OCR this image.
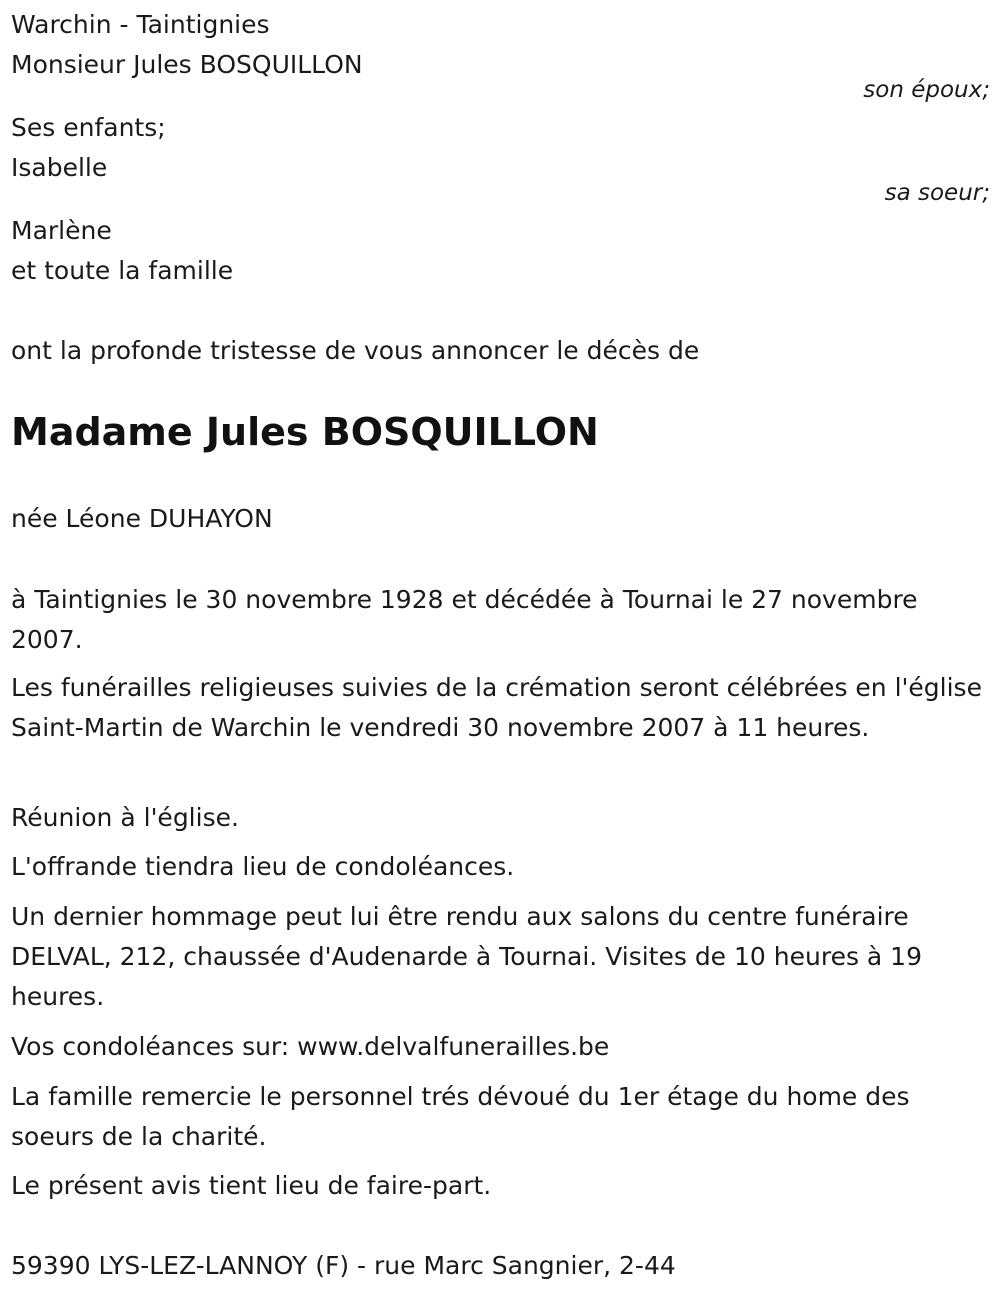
Warchin - Taintignies
Monsieur Jules BOSQUILLON
son époux;
Ses enfants;
Isabelle
sa soeur;
Marlène
et toute la famille
ont la profonde tristesse de vous annoncer le décès de
Madame Jules BOSQUILLON
née Léone DUHAYON

à Taintignies le 30 novembre 1928 et décédée à Tournai le 27 novembre 2007.

Les funérailles religieuses suivies de la crémation seront célébrées en l'église Saint-Martin de Warchin le vendredi 30 novembre 2007 à 11 heures.

Réunion à l'église.

L'offrande tiendra lieu de condoléances.

Un dernier hommage peut lui être rendu aux salons du centre funéraire DELVAL, 212, chaussée d'Audenarde à Tournai. Visites de 10 heures à 19 heures.

Vos condoléances sur: www.delvalfunerailles.be

La famille remercie le personnel trés dévoué du 1er étage du home des soeurs de la charité.

Le présent avis tient lieu de faire-part.

59390 LYS-LEZ-LANNOY (F) - rue Marc Sangnier, 2-44
